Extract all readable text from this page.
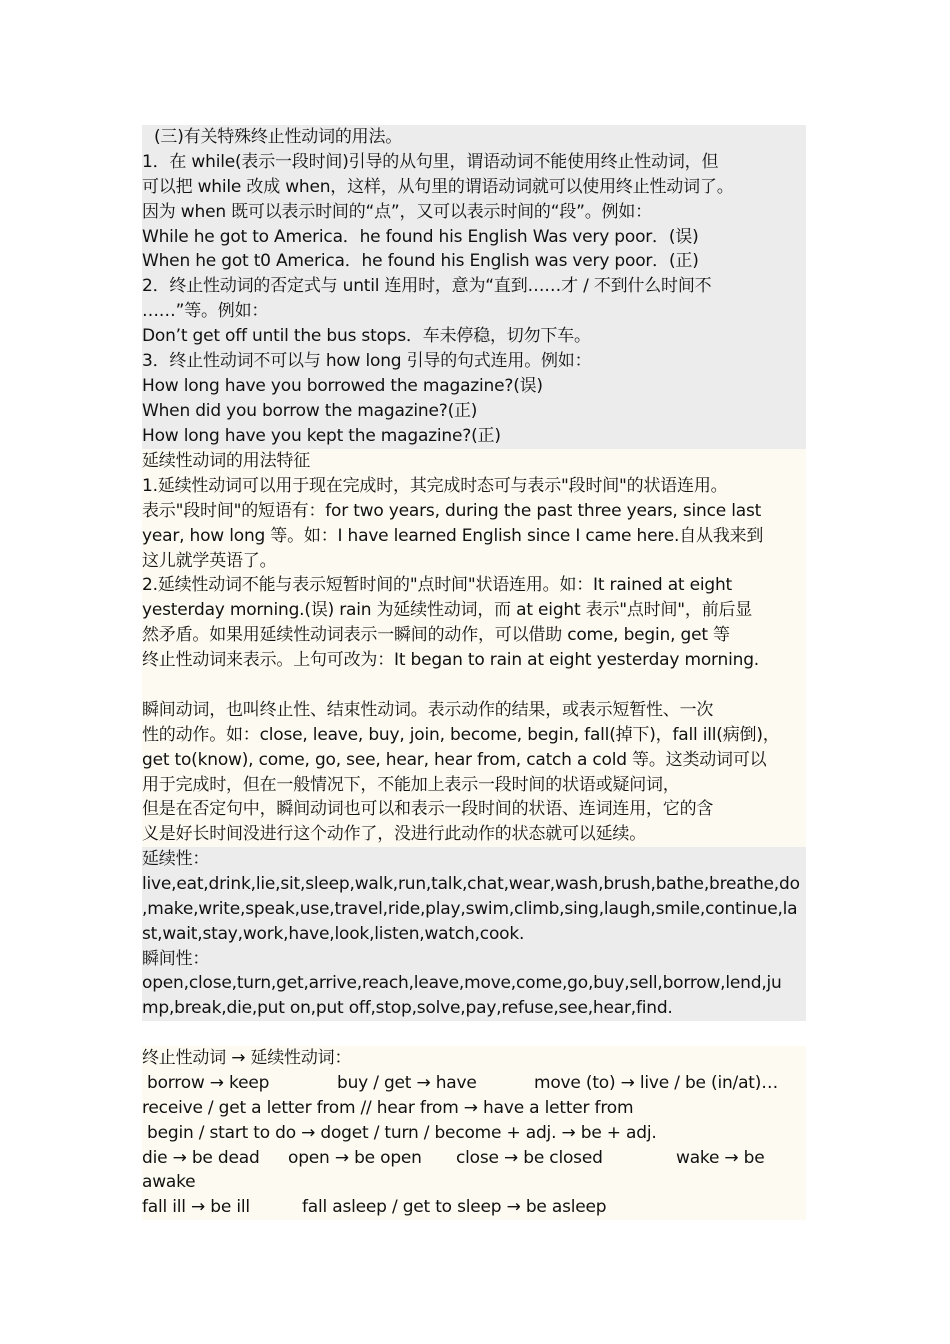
(三)有关特殊终止性动词的用法。
1．在 while(表示一段时间)引导的从句里，谓语动词不能使用终止性动词，但
可以把 while 改成 when，这样，从句里的谓语动词就可以使用终止性动词了。
因为 when 既可以表示时间的“点”，又可以表示时间的“段”。例如：
While he got to America．he found his English Was very poor．(误)
When he got t0 America．he found his English was very poor．(正)
2．终止性动词的否定式与 until 连用时，意为“直到……才 / 不到什么时间不
……”等。例如：
Don’t get off until the bus stops．车未停稳，切勿下车。
3．终止性动词不可以与 how long 引导的句式连用。例如：
How long have you borrowed the magazine?(误)
When did you borrow the magazine?(正)
How long have you kept the magazine?(正)
延续性动词的用法特征
1.延续性动词可以用于现在完成时，其完成时态可与表示"段时间"的状语连用。
表示"段时间"的短语有：for two years, during the past three years, since last
year, how long 等。如：I have learned English since I came here.自从我来到
这儿就学英语了。
2.延续性动词不能与表示短暂时间的"点时间"状语连用。如：It rained at eight
yesterday morning.(误) rain 为延续性动词，而 at eight 表示"点时间"，前后显
然矛盾。如果用延续性动词表示一瞬间的动作，可以借助 come, begin, get 等
终止性动词来表示。上句可改为：It began to rain at eight yesterday morning.
瞬间动词，也叫终止性、结束性动词。表示动作的结果，或表示短暂性、一次
性的动作。如：close, leave, buy, join, become, begin, fall(掉下)，fall ill(病倒)，
get to(know), come, go, see, hear, hear from, catch a cold 等。这类动词可以
用于完成时，但在一般情况下，不能加上表示一段时间的状语或疑问词，
但是在否定句中，瞬间动词也可以和表示一段时间的状语、连词连用，它的含
义是好长时间没进行这个动作了，没进行此动作的状态就可以延续。
延续性：
live,eat,drink,lie,sit,sleep,walk,run,talk,chat,wear,wash,brush,bathe,breathe,do
,make,write,speak,use,travel,ride,play,swim,climb,sing,laugh,smile,continue,la
st,wait,stay,work,have,look,listen,watch,cook.
瞬间性：
open,close,turn,get,arrive,reach,leave,move,come,go,buy,sell,borrow,lend,ju
mp,break,die,put on,put off,stop,solve,pay,refuse,see,hear,find.
终止性动词 → 延续性动词：
borrow → keep	buy / get → have	move (to) → live / be (in/at)…
receive / get a letter from // hear from → have a letter from
begin / start to do → doget / turn / become + adj. → be + adj.
die → be dead open → be open close → be closed	wake → be
awake
fall ill → be ill	fall asleep / get to sleep → be asleep
